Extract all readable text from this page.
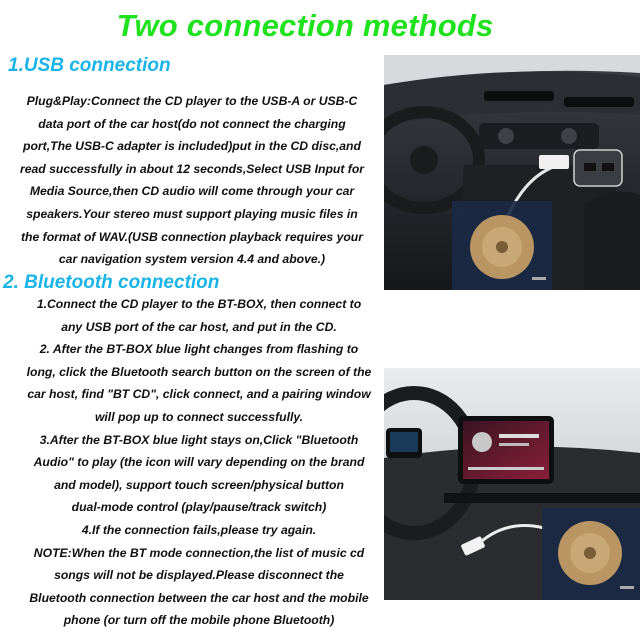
Two connection methods
1.USB connection
Plug&Play:Connect the CD player to the USB-A or USB-C
data port of the car host(do not connect the charging
port,The USB-C adapter is included)put in the CD disc,and
read successfully in about 12 seconds,Select USB Input for
Media Source,then CD audio will come through your car
speakers.Your stereo must support playing music files in
the format of WAV.(USB connection playback requires your
car navigation system version 4.4 and above.)
2. Bluetooth connection
1.Connect the CD player to the BT-BOX, then connect to
any USB port of the car host, and put in the CD.
2. After the BT-BOX blue light changes from flashing to
long, click the Bluetooth search button on the screen of the
car host, find "BT CD", click connect, and a pairing window
will pop up to connect successfully.
3.After the BT-BOX blue light stays on,Click "Bluetooth
Audio" to play (the icon will vary depending on the brand
and model), support touch screen/physical button
dual-mode control (play/pause/track switch)
4.If the connection fails,please try again.
NOTE:When the BT mode connection,the list of music cd
songs will not be displayed.Please disconnect the
Bluetooth connection between the car host and the mobile
phone (or turn off the mobile phone Bluetooth)
